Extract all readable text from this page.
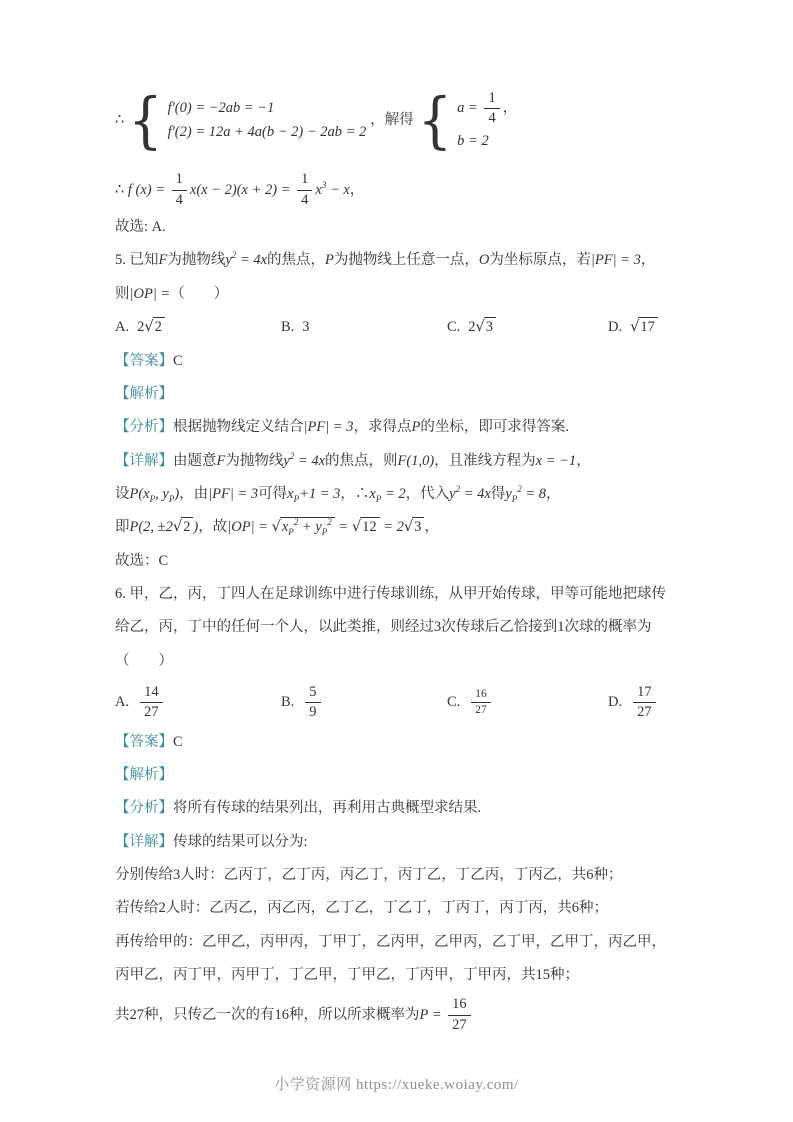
∴ { f′(0) = −2ab = −1
f′(2) = 12a + 4a(b − 2) − 2ab = 2
，解得 { $a = \frac{1}{4}$ ，
b = 2

∴ f $(x) = \frac{1}{4} x(x - 2)(x + 2) = \frac{1}{4} x^3 - x$，

故选: A.

5. 已知F为抛物线$y^2 = 4x$的焦点，P为抛物线上任意一点，O为坐标原点，若|PF| = 3，则|OP| =（　　）

A. 2√2	B. 3	C. 2√3	D. √17

【答案】C

【解析】

【分析】根据抛物线定义结合|PF| = 3，求得点P的坐标，即可求得答案.

【详解】由题意F为抛物线$y^2 = 4x$的焦点，则F(1,0)，且准线方程为x = −1，

设$P(x_P$, $y_P$)，由|PF| = 3可得$x_P+1 = 3$，$\therefore x_P = 2$，代入$y^2 = 4x$得$y_P^2 = 8$，

即P(2, ±2√2 )，故$|OP| = √x_P^2 + y_P^2 = √12 = 2√3$ ，

故选：C

6. 甲，乙，丙，丁四人在足球训练中进行传球训练，从甲开始传球，甲等可能地把球传给乙，丙，丁中的任何一个人，以此类推，则经过3次传球后乙恰接到1次球的概率为（　　）

A. $\frac{14}{27}$	B. $\frac{5}{9}$	C. $\frac{16}{27}$	D. $\frac{17}{27}$

【答案】C

【解析】

【分析】将所有传球的结果列出，再利用古典概型求结果.

【详解】传球的结果可以分为:

分别传给3人时：乙丙丁，乙丁丙，丙乙丁，丙丁乙，丁乙丙，丁丙乙，共6种；

若传给2人时：乙丙乙，丙乙丙，乙丁乙，丁乙丁，丁丙丁，丙丁丙，共6种；

再传给甲的：乙甲乙，丙甲丙，丁甲丁，乙丙甲，乙甲丙，乙丁甲，乙甲丁，丙乙甲，丙甲乙，丙丁甲，丙甲丁，丁乙甲，丁甲乙，丁丙甲，丁甲丙，共15种；

共27种，只传乙一次的有16种，所以所求概率为$P = \frac{16}{27}$

小学资源网 https://xueke.woiay.com/
